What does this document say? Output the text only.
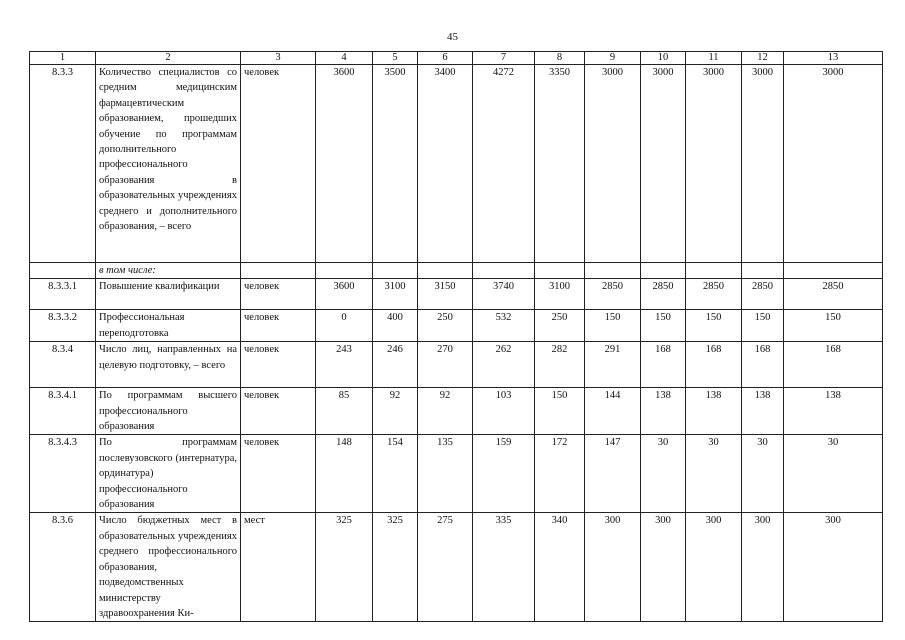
45
1	2	3	4	5	6	7	8	9	10	11	12	13
8.3.3	Количество специалистов со средним медицинским фармацевтическим образованием, прошедших обучение по программам дополнительного профессионального образования в образовательных учреждениях среднего и дополнительного образования, – всего	человек	3600	3500	3400	4272	3350	3000	3000	3000	3000	3000
	в том числе:											
8.3.3.1	Повышение квалификации	человек	3600	3100	3150	3740	3100	2850	2850	2850	2850	2850
8.3.3.2	Профессиональная переподготовка	человек	0	400	250	532	250	150	150	150	150	150
8.3.4	Число лиц, направленных на целевую подготовку, – всего	человек	243	246	270	262	282	291	168	168	168	168
8.3.4.1	По программам высшего профессионального образования	человек	85	92	92	103	150	144	138	138	138	138
8.3.4.3	По программам послевузовского (интернатура, ординатура) профессионального образования	человек	148	154	135	159	172	147	30	30	30	30
8.3.6	Число бюджетных мест в образовательных учреждениях среднего профессионального образования, подведомственных министерству здравоохранения Ки-	мест	325	325	275	335	340	300	300	300	300	300
